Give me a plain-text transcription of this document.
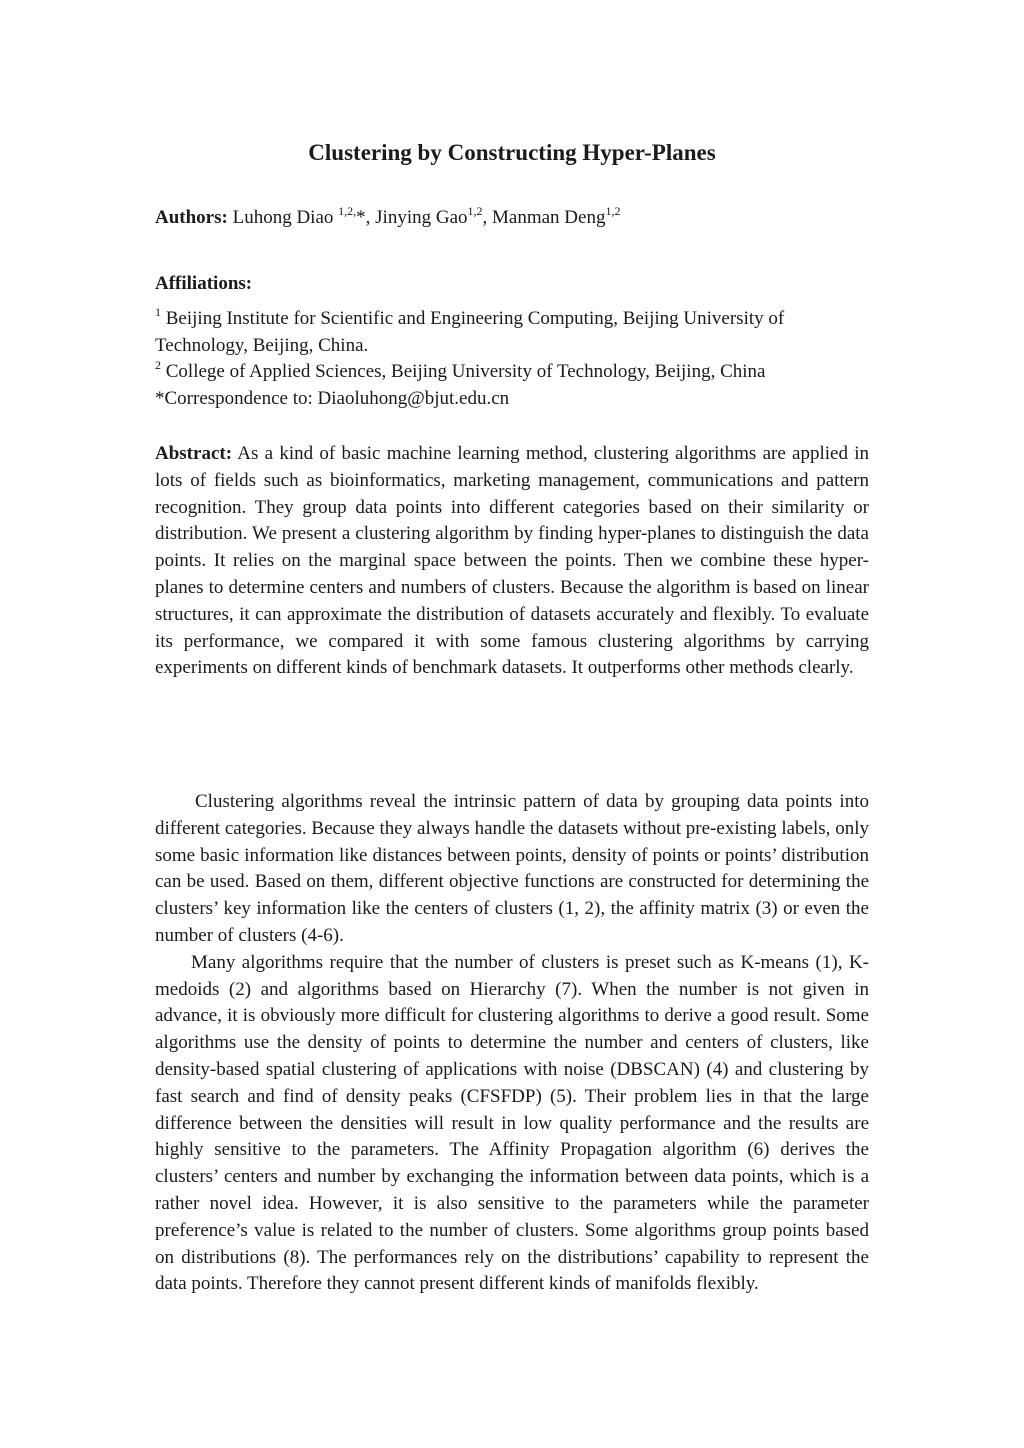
Clustering by Constructing Hyper-Planes
Authors: Luhong Diao $^{1,2,}$*, Jinying Gao$^{1,2}$, Manman Deng$^{1,2}$
Affiliations:

$^1$ Beijing Institute for Scientific and Engineering Computing, Beijing University of Technology, Beijing, China.

$^2$ College of Applied Sciences, Beijing University of Technology, Beijing, China

*Correspondence to: Diaoluhong@bjut.edu.cn

Abstract: As a kind of basic machine learning method, clustering algorithms are applied in lots of fields such as bioinformatics, marketing management, communications and pattern recognition. They group data points into different categories based on their similarity or distribution. We present a clustering algorithm by finding hyper-planes to distinguish the data points. It relies on the marginal space between the points. Then we combine these hyper-planes to determine centers and numbers of clusters. Because the algorithm is based on linear structures, it can approximate the distribution of datasets accurately and flexibly. To evaluate its performance, we compared it with some famous clustering algorithms by carrying experiments on different kinds of benchmark datasets. It outperforms other methods clearly.

Clustering algorithms reveal the intrinsic pattern of data by grouping data points into different categories. Because they always handle the datasets without pre-existing labels, only some basic information like distances between points, density of points or points’ distribution can be used. Based on them, different objective functions are constructed for determining the clusters’ key information like the centers of clusters (1, 2), the affinity matrix (3) or even the number of clusters (4-6).

Many algorithms require that the number of clusters is preset such as K-means (1), K-medoids (2) and algorithms based on Hierarchy (7). When the number is not given in advance, it is obviously more difficult for clustering algorithms to derive a good result. Some algorithms use the density of points to determine the number and centers of clusters, like density-based spatial clustering of applications with noise (DBSCAN) (4) and clustering by fast search and find of density peaks (CFSFDP) (5). Their problem lies in that the large difference between the densities will result in low quality performance and the results are highly sensitive to the parameters. The Affinity Propagation algorithm (6) derives the clusters’ centers and number by exchanging the information between data points, which is a rather novel idea. However, it is also sensitive to the parameters while the parameter preference’s value is related to the number of clusters. Some algorithms group points based on distributions (8). The performances rely on the distributions’ capability to represent the data points. Therefore they cannot present different kinds of manifolds flexibly.
